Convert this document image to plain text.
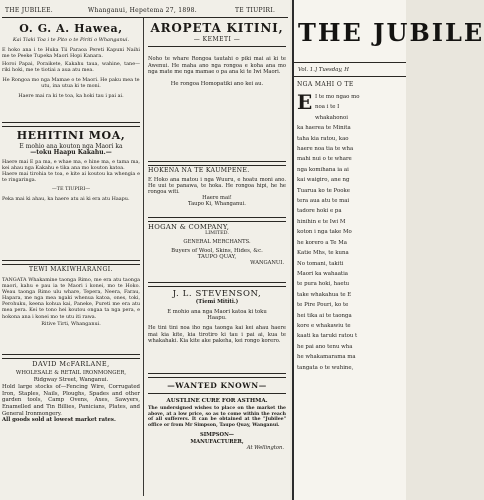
THE JUBILEE.	Whanganui, Hepetema 27, 1898.	TE TIUPIRI.
O. G. A. Hawea,
Kai Tiaki Toa i te Pito o te Piriti o Whanganui.
E hoko ana i te Huka Tii Paraoa Pereti Kapuni Naihi me te Peeke Tupeka Maori Hopi Kanara.
Horoi Papai, Poraikete, Kakahu taua, wahine, tane—riki hoki, me te tiotiai a aua atu mea.
He Rongoa mo nga Mamae o te Maori. He paku mea te utu, ina utua ki te moni.
Haere mai ra ki te toa, ka hoki tau i pai ai.
HEHITINI MOA,
E mohio ana kouton nga Maori ka
—toku Haapu Kakahu.—
Haere mai E pa ma, e whae ma, e hine ma, e tama ma, kei ahau nga Kakahu e tika ana mo kouton katoa.
Haere mai tirohia te toa, e kite ai koutou ka whengia e te ringaringa.
—TE TIUPIRI—
Peka mai ki ahau, ka haere atu ai ki era atu Haapu.
TEWI MAKIWHARANGI.
TANGATA Whakamine taonga Rimo, me era atu taonga maori, kahu e pau ia te Maori i konei, mo te Hoko. Weau taonga Rimo ulu whare, Tepera, Neera, Farau, Hapara, me nga mea ngaki whenua katoa, ones, toki, Perohuku, keena kohua kai, Paneke, Pureti me era atu mea pera. Kei te tono hei koutou ongaa ta nga pera, e hokona ana i konei mo te utu iti rawa.
Ritive Tirti, Whanganui.
DAVID McFARLANE,
WHOLESALE & RETAIL IRONMONGER,
Ridgway Street, Wanganui.
Hold large stocks of—Fencing Wire, Corrugated Iron, Staples, Nails, Ploughs, Spades and other garden tools, Camp Ovens, Axes, Sawyers, Enamelled and Tin Billies, Panicians, Plates, and General Ironmongery.
All goods sold at lowest market rates.
AROPETA KITINI,
— KEMETI —
Noho te whare Rongoa tautahi o piki mai ai ki te Awenui. He maha ano nga rongoa e koha ana mo nga mate me nga mamae o pa ana ki te Iwi Maori.
He rongoa Homopatiki ano kei au.
HOKENA NA TE KAUMPENE.
E Hoko ana matou i nga Wuuru, e hoatu moni ano. He uui te panawa, te hoka. He rongoa hipi, he he rongoa witi.
Haere mai!
Taupo Ki, Whanganui.
HOGAN & COMPANY,
LIMITED.
GENERAL MERCHANTS.
Buyers of Wool, Skins, Hides, &c.
TAUPO QUAY,
WANGANUI.
J. L. STEVENSON,
(Tiemi Mititi.)
E mohio ana nga Maori katoa ki toku
Haapu.
He tini tini noa iho nga taonga kai kei ahau haere mai kia kite, kia tirotiro ki tau i pai ai, kua te whakahaki. Kia kite ake pakeha, kei rongo korero.
—WANTED KNOWN—
AUSTLINE CURE FOR ASTHMA.
The undersigned wishes to place on the market the above, at a low price, so as to come within the reach of all sufferers. It can be obtained at the "Jubilee" office or from Mr Simpson, Taupo Quay, Wanganui.
SIMPSON—
MANUFACTURER,
At Wellington.
THE JUBILE
Vol. 1.] Tuesday, H
NGA MAHI O TE
E I te mo ngao mo
noa i te I
whakahonoi
ka haerea te Minita
taha kia ratou, kao
haere noa tia te wha
mahi nui o te whare
nga komihana ia ai
kai waigiro, ane ng
Tuarua ko te Pooke
tera aua atu te mai
tadore hoki e pa
hinihin e te Iwi M
koton i nga take Mo
he korero a Te Ma
Katie Mhs, te kuna
No tomani, takiti
Maori ka wahaatia
te pura hoki, haetu
take whakahua te E
te Pire Pouri, ko te
hei tika ai te taonga
kore e whakawiu te
kaati ka taruki ratou t
he pai ano tenu wha
he whakamarama ma
tangata o te wuhine,
